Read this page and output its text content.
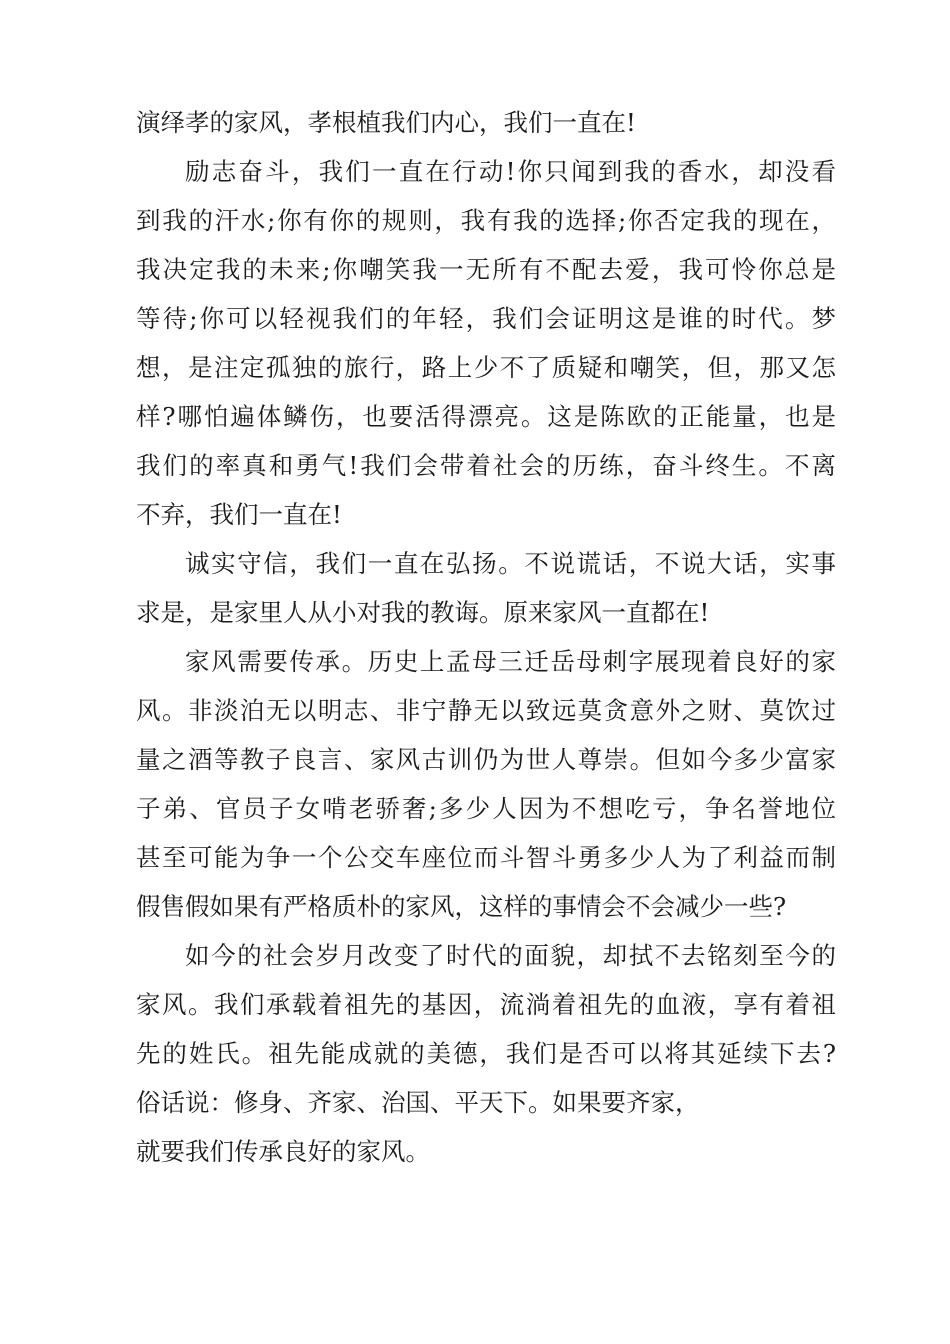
演绎孝的家风，孝根植我们内心，我们一直在!
励志奋斗，我们一直在行动!你只闻到我的香水，却没看
到我的汗水;你有你的规则，我有我的选择;你否定我的现在，
我决定我的未来;你嘲笑我一无所有不配去爱，我可怜你总是
等待;你可以轻视我们的年轻，我们会证明这是谁的时代。梦
想，是注定孤独的旅行，路上少不了质疑和嘲笑，但，那又怎
样?哪怕遍体鳞伤，也要活得漂亮。这是陈欧的正能量，也是
我们的率真和勇气!我们会带着社会的历练，奋斗终生。不离
不弃，我们一直在!
诚实守信，我们一直在弘扬。不说谎话，不说大话，实事
求是，是家里人从小对我的教诲。原来家风一直都在!
家风需要传承。历史上孟母三迁岳母刺字展现着良好的家
风。非淡泊无以明志、非宁静无以致远莫贪意外之财、莫饮过
量之酒等教子良言、家风古训仍为世人尊崇。但如今多少富家
子弟、官员子女啃老骄奢;多少人因为不想吃亏，争名誉地位
甚至可能为争一个公交车座位而斗智斗勇多少人为了利益而制
假售假如果有严格质朴的家风，这样的事情会不会减少一些?
如今的社会岁月改变了时代的面貌，却拭不去铭刻至今的
家风。我们承载着祖先的基因，流淌着祖先的血液，享有着祖
先的姓氏。祖先能成就的美德，我们是否可以将其延续下去?
俗话说：修身、齐家、治国、平天下。如果要齐家，
就要我们传承良好的家风。
